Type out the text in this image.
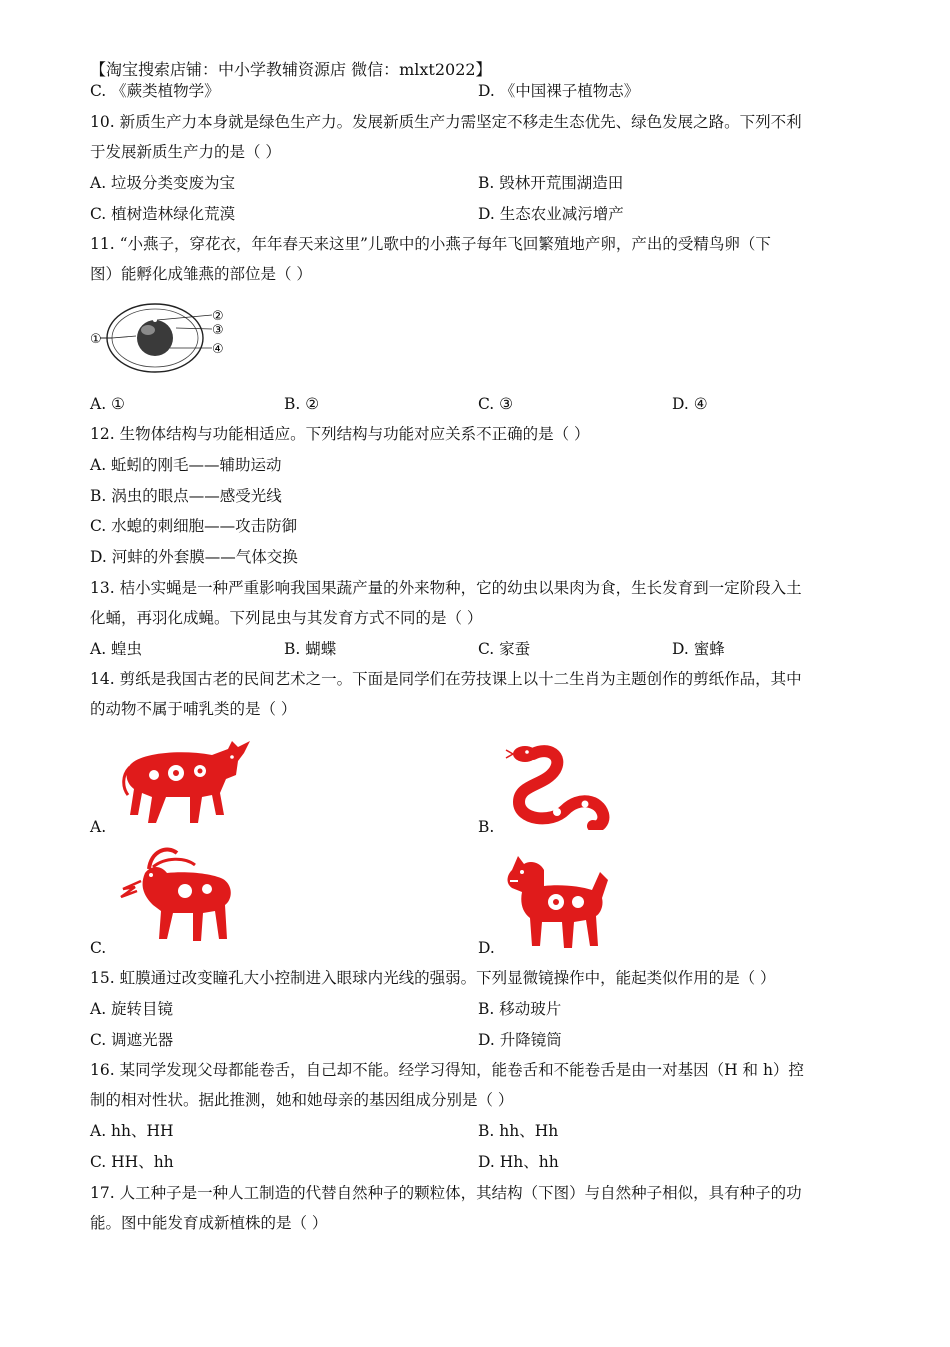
【淘宝搜索店铺：中小学教辅资源店 微信：mlxt2022】
C. 《蕨类植物学》	D. 《中国裸子植物志》
10. 新质生产力本身就是绿色生产力。发展新质生产力需坚定不移走生态优先、绿色发展之路。下列不利
于发展新质生产力的是（ ）
A. 垃圾分类变废为宝	B. 毁林开荒围湖造田
C. 植树造林绿化荒漠	D. 生态农业减污增产
11. “小燕子，穿花衣，年年春天来这里”儿歌中的小燕子每年飞回繁殖地产卵，产出的受精鸟卵（下
图）能孵化成雏燕的部位是（ ）
①
②
③
④
A. ①	B. ②	C. ③	D. ④
12. 生物体结构与功能相适应。下列结构与功能对应关系不正确的是（ ）
A. 蚯蚓的刚毛——辅助运动
B. 涡虫的眼点——感受光线
C. 水螅的刺细胞——攻击防御
D. 河蚌的外套膜——气体交换
13. 桔小实蝇是一种严重影响我国果蔬产量的外来物种，它的幼虫以果肉为食，生长发育到一定阶段入土
化蛹，再羽化成蝇。下列昆虫与其发育方式不同的是（ ）
A. 蝗虫	B. 蝴蝶	C. 家蚕	D. 蜜蜂
14. 剪纸是我国古老的民间艺术之一。下面是同学们在劳技课上以十二生肖为主题创作的剪纸作品，其中
的动物不属于哺乳类的是（ ）
A.	B.
C.	D.
15. 虹膜通过改变瞳孔大小控制进入眼球内光线的强弱。下列显微镜操作中，能起类似作用的是（ ）
A. 旋转目镜	B. 移动玻片
C. 调遮光器	D. 升降镜筒
16. 某同学发现父母都能卷舌，自己却不能。经学习得知，能卷舌和不能卷舌是由一对基因（H 和 h）控
制的相对性状。据此推测，她和她母亲的基因组成分别是（ ）
A. hh、HH	B. hh、Hh
C. HH、hh	D. Hh、hh
17. 人工种子是一种人工制造的代替自然种子的颗粒体，其结构（下图）与自然种子相似，具有种子的功
能。图中能发育成新植株的是（ ）
